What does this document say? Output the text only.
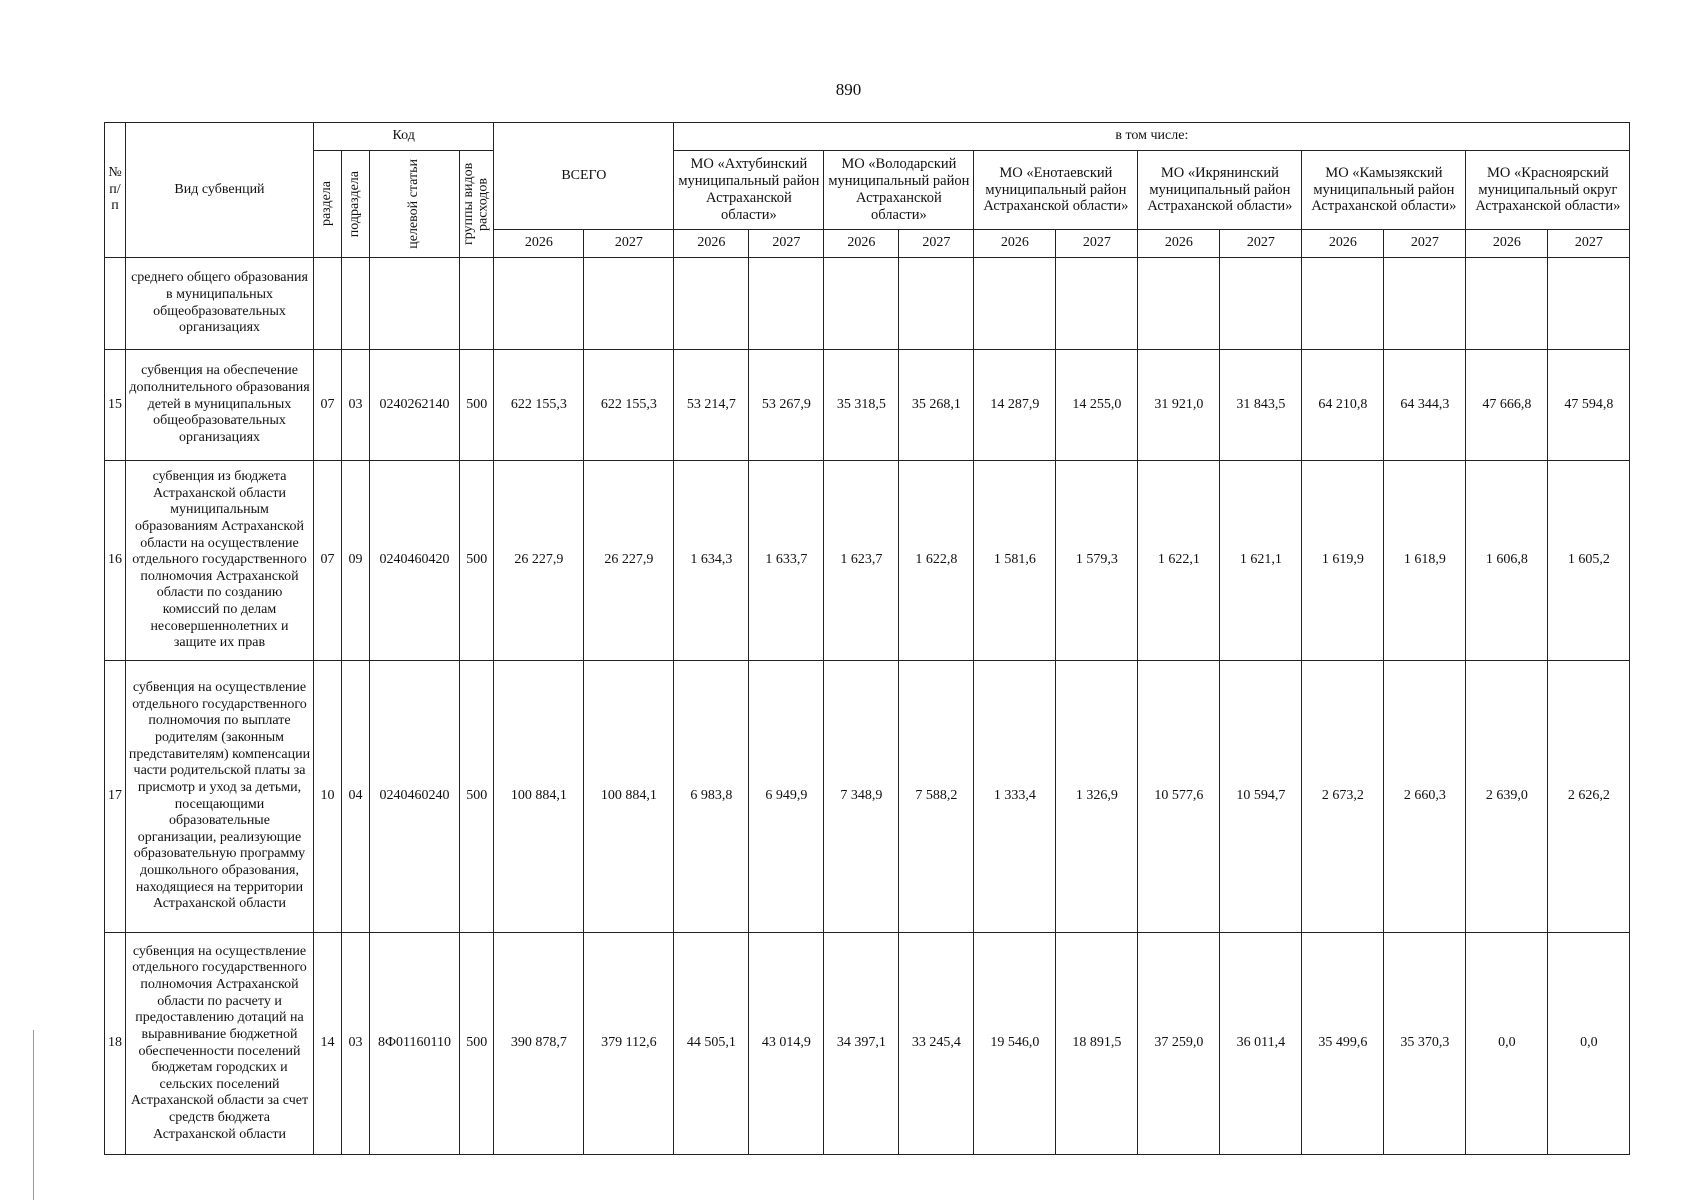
890
№ п/п	Вид субвенций	Код				ВСЕГО		в том числе:											

		раздела	подраздела	целевой статьи	группы видов расходов			МО «Ахтубинский муниципальный район Астраханской области»		МО «Володарский муниципальный район Астраханской области»		МО «Енотаевский муниципальный район Астраханской области»		МО «Икрянинский муниципальный район Астраханской области»		МО «Камызякский муниципальный район Астраханской области»		МО «Красноярский муниципальный округ Астраханской области»	
						2026	2027	2026	2027	2026	2027	2026	2027	2026	2027	2026	2027	2026	2027
	среднего общего образования в муниципальных общеобразовательных организациях																		
15	субвенция на обеспечение дополнительного образования детей в муниципальных общеобразовательных организациях	07	03	0240262140	500	622 155,3	622 155,3	53 214,7	53 267,9	35 318,5	35 268,1	14 287,9	14 255,0	31 921,0	31 843,5	64 210,8	64 344,3	47 666,8	47 594,8
16	субвенция из бюджета Астраханской области муниципальным образованиям Астраханской области на осуществление отдельного государственного полномочия Астраханской области по созданию комиссий по делам несовершеннолетних и защите их прав	07	09	0240460420	500	26 227,9	26 227,9	1 634,3	1 633,7	1 623,7	1 622,8	1 581,6	1 579,3	1 622,1	1 621,1	1 619,9	1 618,9	1 606,8	1 605,2
17	субвенция на осуществление отдельного государственного полномочия по выплате родителям (законным представителям) компенсации части родительской платы за присмотр и уход за детьми, посещающими образовательные организации, реализующие образовательную программу дошкольного образования, находящиеся на территории Астраханской области	10	04	0240460240	500	100 884,1	100 884,1	6 983,8	6 949,9	7 348,9	7 588,2	1 333,4	1 326,9	10 577,6	10 594,7	2 673,2	2 660,3	2 639,0	2 626,2
18	субвенция на осуществление отдельного государственного полномочия Астраханской области по расчету и предоставлению дотаций на выравнивание бюджетной обеспеченности поселений бюджетам городских и сельских поселений Астраханской области за счет средств бюджета Астраханской области	14	03	8Ф01160110	500	390 878,7	379 112,6	44 505,1	43 014,9	34 397,1	33 245,4	19 546,0	18 891,5	37 259,0	36 011,4	35 499,6	35 370,3	0,0	0,0
